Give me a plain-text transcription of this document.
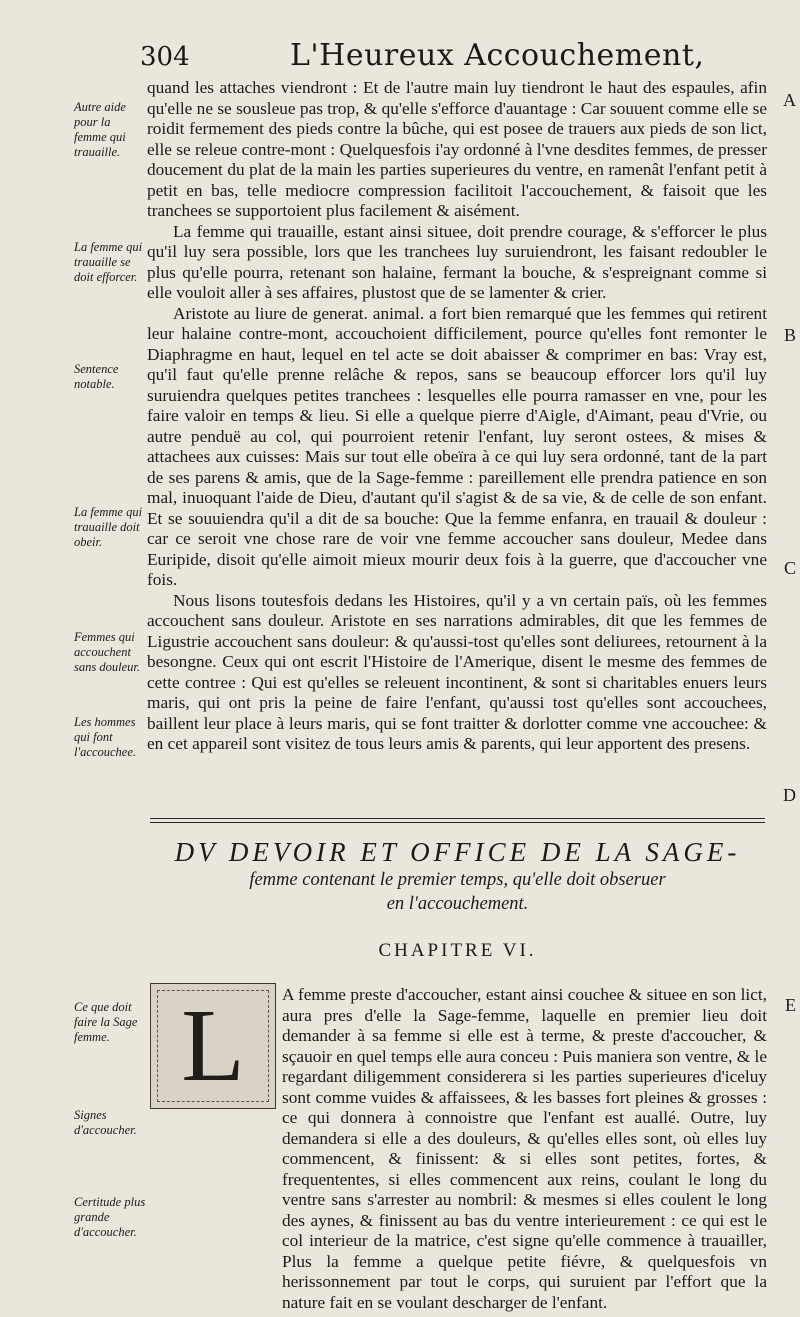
304	L'Heureux Accouchement,
A
B
C
D
E
Autre aide pour la femme qui trauaille.
La femme qui trauaille se doit efforcer.
Sentence notable.
La femme qui trauaille doit obeir.
Femmes qui accouchent sans douleur.
Les hommes qui font l'accouchee.
Ce que doit faire la Sage femme.
Signes d'accoucher.
Certitude plus grande d'accoucher.

quand les attaches viendront : Et de l'autre main luy tiendront le haut des espaules, afin qu'elle ne se sousleue pas trop, & qu'elle s'efforce d'auantage : Car souuent comme elle se roidit fermement des pieds contre la bûche, qui est posee de trauers aux pieds de son lict, elle se releue contre-mont : Quelquesfois i'ay ordonné à l'vne desdites femmes, de presser doucement du plat de la main les parties superieures du ventre, en ramenât l'enfant petit à petit en bas, telle mediocre compression facilitoit l'accouchement, & faisoit que les tranchees se supportoient plus facilement & aisément.

La femme qui trauaille, estant ainsi situee, doit prendre courage, & s'efforcer le plus qu'il luy sera possible, lors que les tranchees luy suruiendront, les faisant redoubler le plus qu'elle pourra, retenant son halaine, fermant la bouche, & s'espreignant comme si elle vouloit aller à ses affaires, plustost que de se lamenter & crier.

Aristote au liure de generat. animal. a fort bien remarqué que les femmes qui retirent leur halaine contre-mont, accouchoient difficilement, pource qu'elles font remonter le Diaphragme en haut, lequel en tel acte se doit abaisser & comprimer en bas: Vray est, qu'il faut qu'elle prenne relâche & repos, sans se beaucoup efforcer lors qu'il luy suruiendra quelques petites tranchees : lesquelles elle pourra ramasser en vne, pour les faire valoir en temps & lieu. Si elle a quelque pierre d'Aigle, d'Aimant, peau d'Vrie, ou autre penduë au col, qui pourroient retenir l'enfant, luy seront ostees, & mises & attachees aux cuisses: Mais sur tout elle obeïra à ce qui luy sera ordonné, tant de la part de ses parens & amis, que de la Sage-femme : pareillement elle prendra patience en son mal, inuoquant l'aide de Dieu, d'autant qu'il s'agist & de sa vie, & de celle de son enfant. Et se souuiendra qu'il a dit de sa bouche: Que la femme enfanra, en trauail & douleur : car ce seroit vne chose rare de voir vne femme accoucher sans douleur, Medee dans Euripide, disoit qu'elle aimoit mieux mourir deux fois à la guerre, que d'accoucher vne fois.

Nous lisons toutesfois dedans les Histoires, qu'il y a vn certain païs, où les femmes accouchent sans douleur. Aristote en ses narrations admirables, dit que les femmes de Ligustrie accouchent sans douleur: & qu'aussi-tost qu'elles sont deliurees, retournent à la besongne. Ceux qui ont escrit l'Histoire de l'Amerique, disent le mesme des femmes de cette contree : Qui est qu'elles se releuent incontinent, & sont si charitables enuers leurs maris, qui ont pris la peine de faire l'enfant, qu'aussi tost qu'elles sont accouchees, baillent leur place à leurs maris, qui se font traitter & dorlotter comme vne accouchee: & en cet appareil sont visitez de tous leurs amis & parents, qui leur apportent des presens.

DV DEVOIR ET OFFICE DE LA SAGE-
femme contenant le premier temps, qu'elle doit obseruer
en l'accouchement.
CHAPITRE VI.
A femme preste d'accoucher, estant ainsi couchee & situee en son lict, aura pres d'elle la Sage-femme, laquelle en premier lieu doit demander à sa femme si elle est à terme, & preste d'accoucher, & sçauoir en quel temps elle aura conceu : Puis maniera son ventre, & le regardant diligemment considerera si les parties superieures d'iceluy sont comme vuides & affaissees, & les basses fort pleines & grosses : ce qui donnera à connoistre que l'enfant est auallé. Outre, luy demandera si elle a des douleurs, & qu'elles elles sont, où elles luy commencent, & finissent: & si elles sont petites, fortes, & frequententes, si elles commencent aux reins, coulant le long du ventre sans s'arrester au nombril: & mesmes si elles coulent le long des aynes, & finissent au bas du ventre interieurement : ce qui est le col interieur de la matrice, c'est signe qu'elle commence à trauailler, Plus la femme a quelque petite fiévre, & quelquesfois vn herissonnement par tout le corps, qui suruient par l'effort que la nature fait en se voulant descharger de l'enfant.
L
